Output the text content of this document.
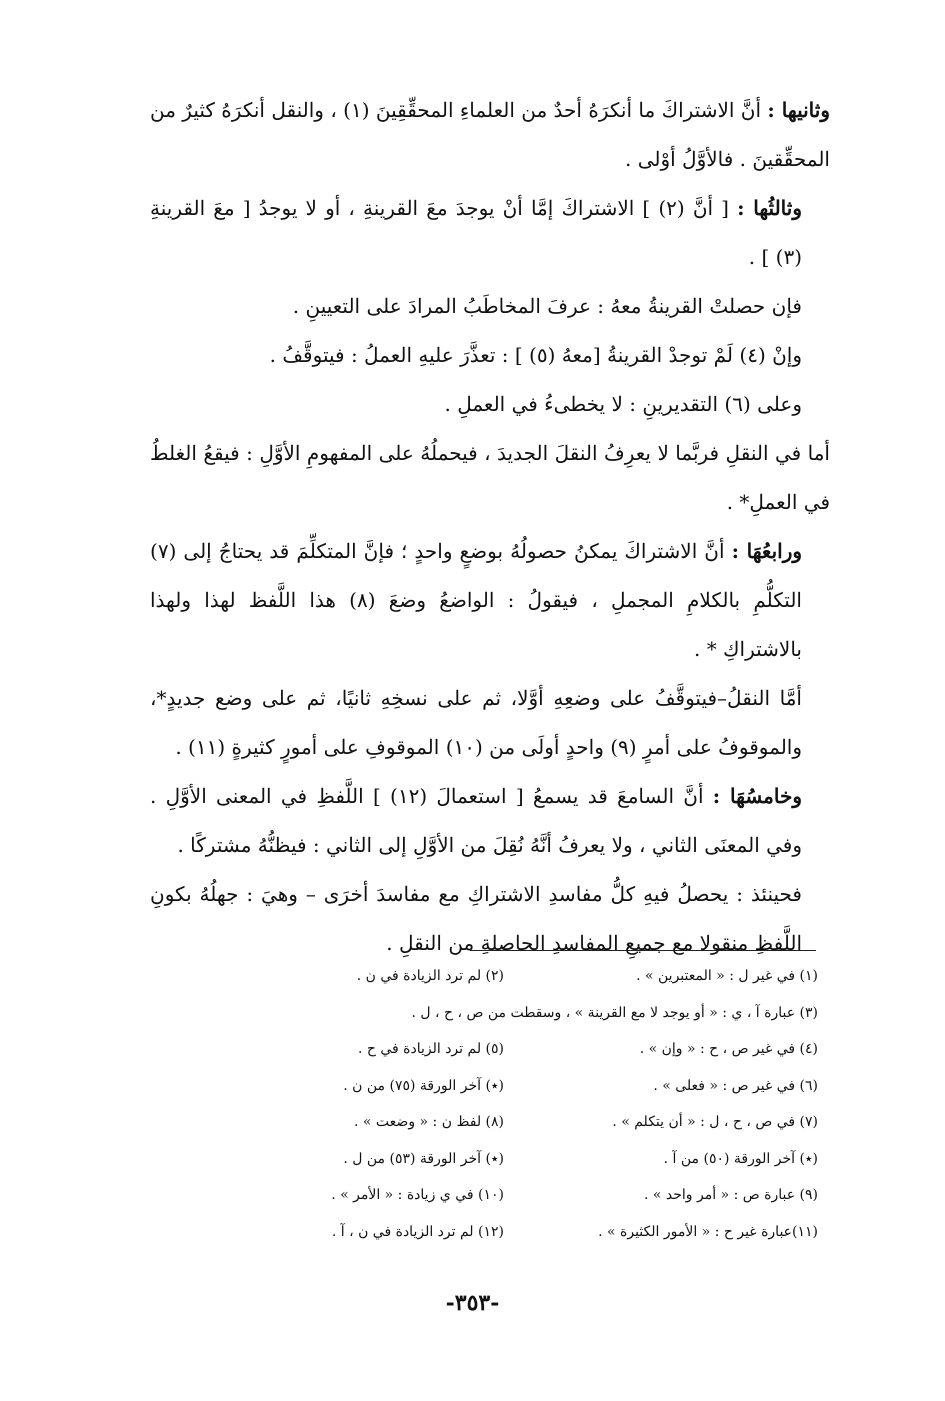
وثانيها : أنَّ الاشتراكَ ما أنكرَهُ أحدٌ من العلماءِ المحقِّقِينَ (١) ، والنقل أنكرَهُ كثيرٌ من المحقِّقينَ . فالأوَّلُ أوْلى .

وثالثُها : [ أنَّ (٢) ] الاشتراكَ إمَّا أنْ يوجدَ معَ القرينةِ ، أو لا يوجدُ [ معَ القرينةِ (٣) ] .

فإن حصلتْ القرينةُ معهُ : عرفَ المخاطَبُ المرادَ على التعيينِ .

وإنْ (٤) لَمْ توجدْ القرينةُ [معهُ (٥) ] : تعذَّرَ عليهِ العملُ : فيتوقَّفُ .

وعلى (٦) التقديرينِ : لا يخطىءُ في العملِ .

أما في النقلِ فربَّما لا يعرِفُ النقلَ الجديدَ ، فيحملُهُ على المفهومِ الأوَّلِ : فيقعُ الغلطُ في العملِ* .

ورابعُهَا : أنَّ الاشتراكَ يمكنُ حصولُهُ بوضعٍ واحدٍ ؛ فإنَّ المتكلِّمَ قد يحتاجُ إلى (٧) التكلُّمِ بالكلامِ المجملِ ، فيقولُ : الواضعُ وضعَ (٨) هذا اللَّفظ لهذا ولهذا بالاشتراكِ * .

أمَّا النقلُ–فيتوقَّفُ على وضعِهِ أوَّلا، ثم على نسخِهِ ثانيًا، ثم على وضع جديدٍ*، والموقوفُ على أمرٍ (٩) واحدٍ أولَى من (١٠) الموقوفِ على أمورٍ كثيرةٍ (١١) .

وخامسُهَا : أنَّ السامعَ قد يسمعُ [ استعمالَ (١٢) ] اللَّفظِ في المعنى الأوَّلِ . وفي المعنَى الثاني ، ولا يعرفُ أنَّهُ نُقِلَ من الأوَّلِ إلى الثاني : فيظنُّهُ مشتركًا .

فحينئذ : يحصلُ فيهِ كلُّ مفاسدِ الاشتراكِ مع مفاسدَ أخرَى – وهيَ : جهلُهُ بكونِ اللَّفظِ منقولا مع جميعِ المفاسدِ الحاصلةِ من النقلِ .

(١) في غير ل : « المعتبرين » .
(٢) لم ترد الزيادة في ن .
(٣) عبارة آ ، ي : « أو يوجد لا مع القرينة » ، وسقطت من ص ، ح ، ل .
(٤) في غير ص ، ح : « وإن » .
(٥) لم ترد الزيادة في ح .
(٦) في غير ص : « فعلى » .
(٭) آخر الورقة (٧٥) من ن .
(٧) في ص ، ح ، ل : « أن يتكلم » .
(٨) لفظ ن : « وضعت » .
(٭) آخر الورقة (٥٠) من آ .
(٭) آخر الورقة (٥٣) من ل .
(٩) عبارة ص : « أمر واحد » .
(١٠) في ي زيادة : « الأمر » .
(١١)عبارة غير ح : « الأمور الكثيرة » .
(١٢) لم ترد الزيادة في ن ، آ .
-٣٥٣-
